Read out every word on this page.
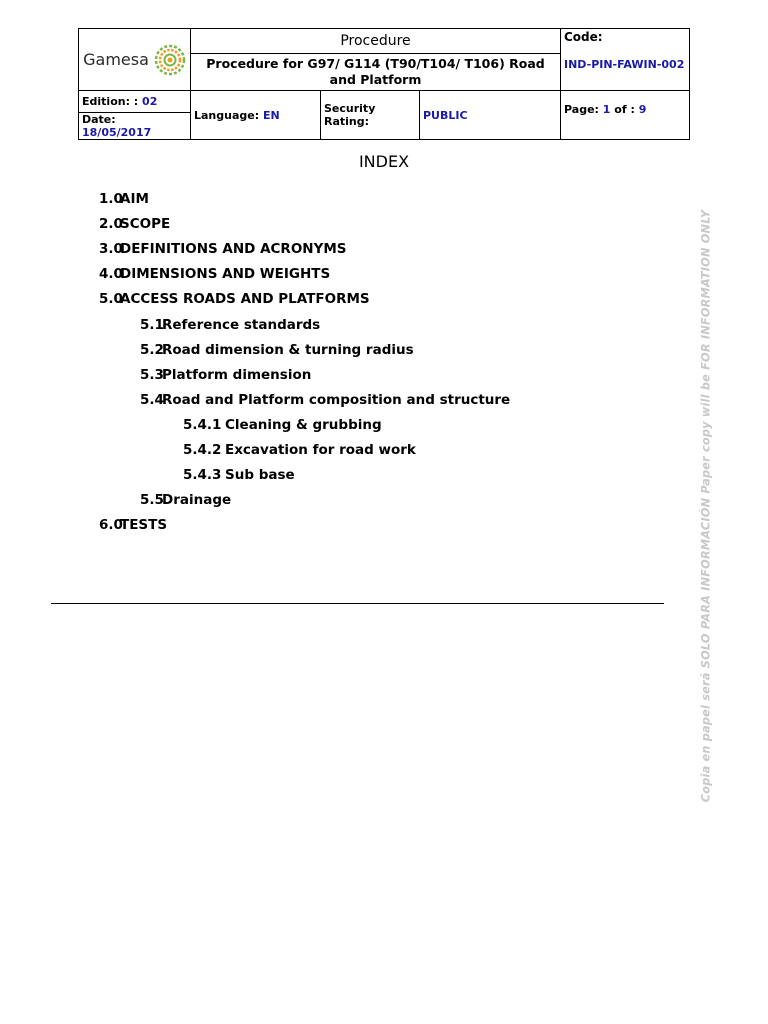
Gamesa	Procedure			Code:
IND-PIN-FAWIN-002

	Procedure for G97/ G114 (T90/T104/ T106) Road and Platform			
Edition: : 02	Language: EN	Security Rating:	PUBLIC	Page: 1 of : 9
Date: 18/05/2017				
INDEX
1.0AIM
2.0SCOPE
3.0DEFINITIONS AND ACRONYMS
4.0DIMENSIONS AND WEIGHTS
5.0ACCESS ROADS AND PLATFORMS
5.1Reference standards
5.2Road dimension & turning radius
5.3Platform dimension
5.4Road and Platform composition and structure
5.4.1 Cleaning & grubbing
5.4.2 Excavation for road work
5.4.3 Sub base
5.5Drainage
6.0TESTS	Copia en papel será SOLO PARA INFORMACIÓN Paper copy will be FOR INFORMATION ONLY
